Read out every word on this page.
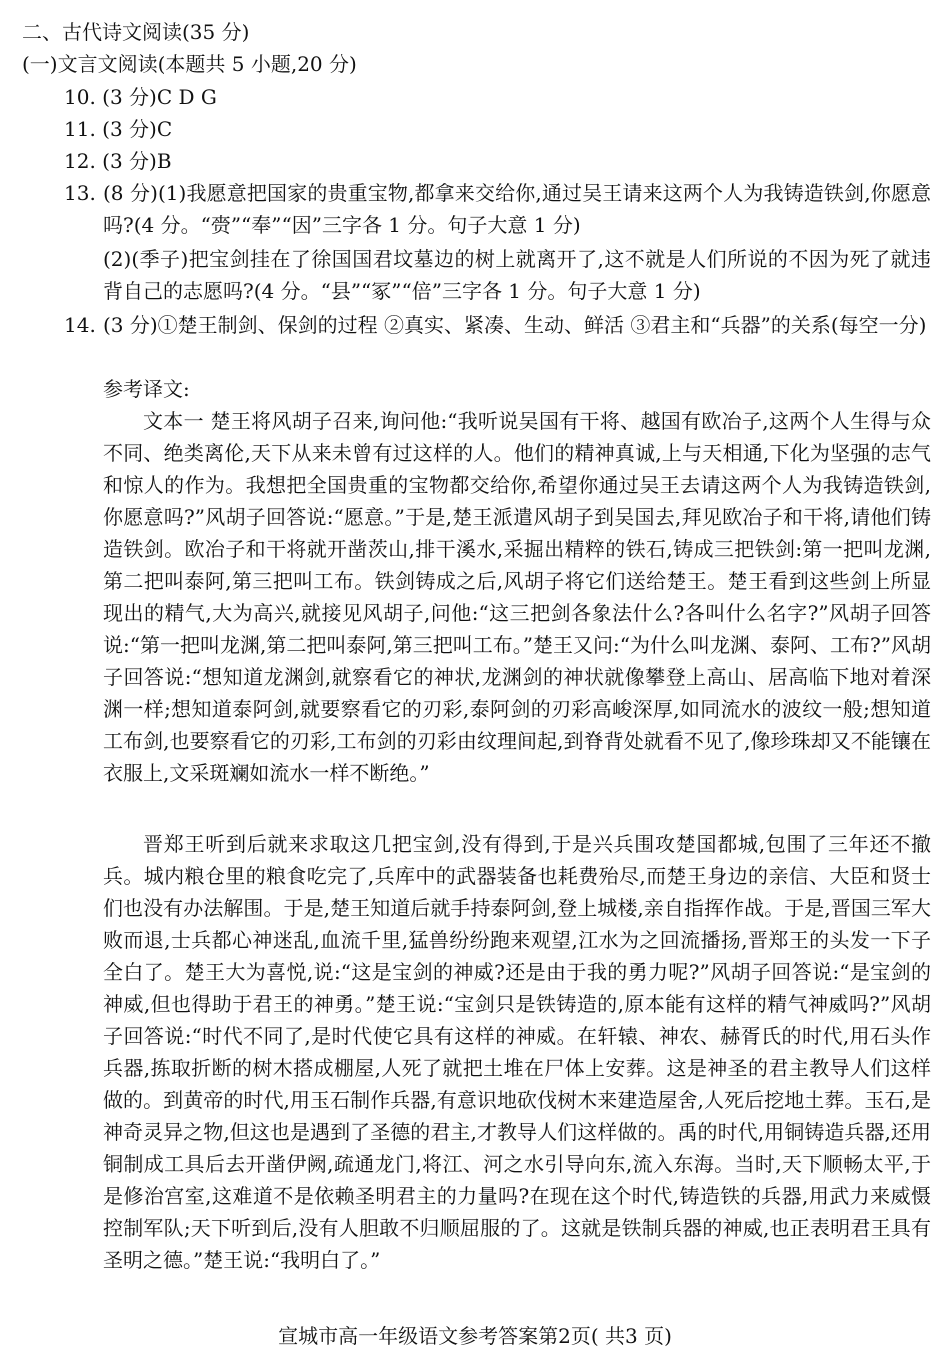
二、古代诗文阅读(35 分)
(一)文言文阅读(本题共 5 小题,20 分)
10. (3 分)C D G
11. (3 分)C
12. (3 分)B
13. (8 分)(1)我愿意把国家的贵重宝物,都拿来交给你,通过吴王请来这两个人为我铸造铁剑,你愿意吗?(4 分。“赍”“奉”“因”三字各 1 分。句子大意 1 分)
(2)(季子)把宝剑挂在了徐国国君坟墓边的树上就离开了,这不就是人们所说的不因为死了就违背自己的志愿吗?(4 分。“县”“冢”“倍”三字各 1 分。句子大意 1 分)
14. (3 分)①楚王制剑、保剑的过程 ②真实、紧凑、生动、鲜活 ③君主和“兵器”的关系(每空一分)
参考译文:
文本一 楚王将风胡子召来,询问他:“我听说吴国有干将、越国有欧冶子,这两个人生得与众不同、绝类离伦,天下从来未曾有过这样的人。他们的精神真诚,上与天相通,下化为坚强的志气和惊人的作为。我想把全国贵重的宝物都交给你,希望你通过吴王去请这两个人为我铸造铁剑,你愿意吗?”风胡子回答说:“愿意。”于是,楚王派遣风胡子到吴国去,拜见欧冶子和干将,请他们铸造铁剑。欧冶子和干将就开凿茨山,排干溪水,采掘出精粹的铁石,铸成三把铁剑:第一把叫龙渊,第二把叫泰阿,第三把叫工布。铁剑铸成之后,风胡子将它们送给楚王。楚王看到这些剑上所显现出的精气,大为高兴,就接见风胡子,问他:“这三把剑各象法什么?各叫什么名字?”风胡子回答说:“第一把叫龙渊,第二把叫泰阿,第三把叫工布。”楚王又问:“为什么叫龙渊、泰阿、工布?”风胡子回答说:“想知道龙渊剑,就察看它的神状,龙渊剑的神状就像攀登上高山、居高临下地对着深渊一样;想知道泰阿剑,就要察看它的刃彩,泰阿剑的刃彩高峻深厚,如同流水的波纹一般;想知道工布剑,也要察看它的刃彩,工布剑的刃彩由纹理间起,到脊背处就看不见了,像珍珠却又不能镶在衣服上,文采斑斓如流水一样不断绝。”
晋郑王听到后就来求取这几把宝剑,没有得到,于是兴兵围攻楚国都城,包围了三年还不撤兵。城内粮仓里的粮食吃完了,兵库中的武器装备也耗费殆尽,而楚王身边的亲信、大臣和贤士们也没有办法解围。于是,楚王知道后就手持泰阿剑,登上城楼,亲自指挥作战。于是,晋国三军大败而退,士兵都心神迷乱,血流千里,猛兽纷纷跑来观望,江水为之回流播扬,晋郑王的头发一下子全白了。楚王大为喜悦,说:“这是宝剑的神威?还是由于我的勇力呢?”风胡子回答说:“是宝剑的神威,但也得助于君王的神勇。”楚王说:“宝剑只是铁铸造的,原本能有这样的精气神威吗?”风胡子回答说:“时代不同了,是时代使它具有这样的神威。在轩辕、神农、赫胥氏的时代,用石头作兵器,拣取折断的树木搭成棚屋,人死了就把土堆在尸体上安葬。这是神圣的君主教导人们这样做的。到黄帝的时代,用玉石制作兵器,有意识地砍伐树木来建造屋舍,人死后挖地土葬。玉石,是神奇灵异之物,但这也是遇到了圣德的君主,才教导人们这样做的。禹的时代,用铜铸造兵器,还用铜制成工具后去开凿伊阙,疏通龙门,将江、河之水引导向东,流入东海。当时,天下顺畅太平,于是修治宫室,这难道不是依赖圣明君主的力量吗?在现在这个时代,铸造铁的兵器,用武力来威慑控制军队;天下听到后,没有人胆敢不归顺屈服的了。这就是铁制兵器的神威,也正表明君王具有圣明之德。”楚王说:“我明白了。”
宣城市高一年级语文参考答案第2页( 共3 页)
